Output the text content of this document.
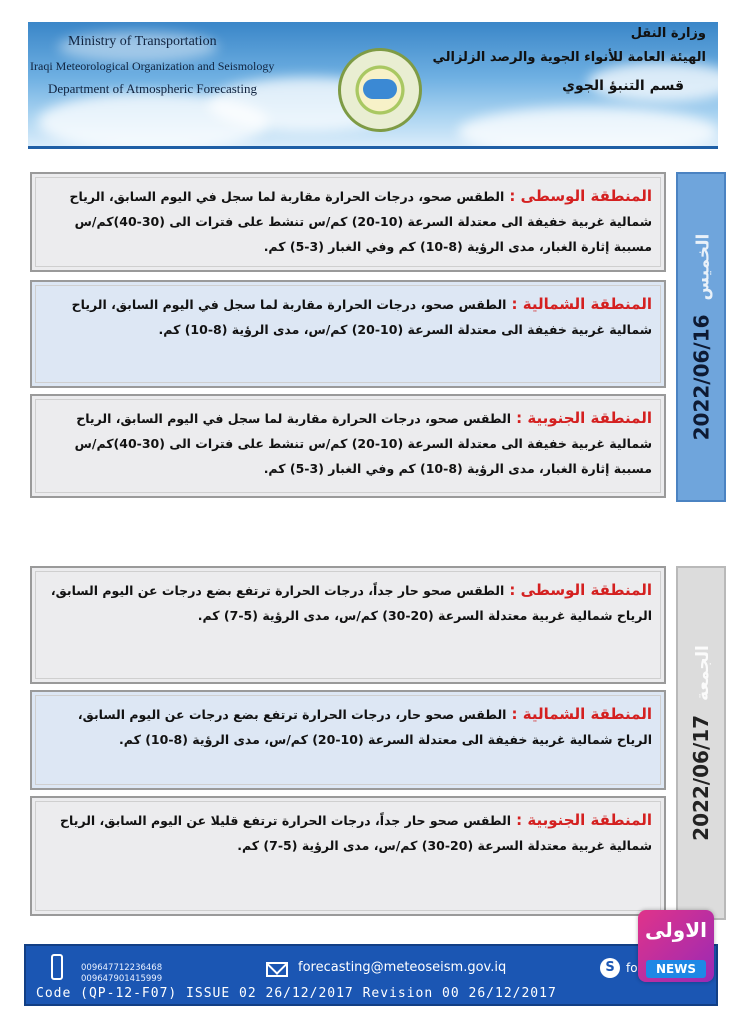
Ministry of Transportation
Iraqi Meteorological Organization and Seismology
Department of Atmospheric Forecasting
وزارة النقل
الهيئة العامة للأنواء الجوية والرصد الزلزالي
قسم التنبؤ الجوي
المنطقة الوسطى : الطقس صحو، درجات الحرارة مقاربة لما سجل في اليوم السابق، الرياح شمالية غربية خفيفة الى معتدلة السرعة (10-20) كم/س تنشط على فترات الى (30-40)كم/س مسببة إثارة الغبار، مدى الرؤية (8-10) كم وفي الغبار (3-5) كم.
المنطقة الشمالية : الطقس صحو، درجات الحرارة مقاربة لما سجل في اليوم السابق، الرياح شمالية غربية خفيفة الى معتدلة السرعة (10-20) كم/س، مدى الرؤية (8-10) كم.
المنطقة الجنوبية : الطقس صحو، درجات الحرارة مقاربة لما سجل في اليوم السابق، الرياح شمالية غربية خفيفة الى معتدلة السرعة (10-20) كم/س تنشط على فترات الى (30-40)كم/س مسببة إثارة الغبار، مدى الرؤية (8-10) كم وفي الغبار (3-5) كم.
2022/06/16
الخميس
المنطقة الوسطى : الطقس صحو حار جداً، درجات الحرارة ترتفع بضع درجات عن اليوم السابق، الرياح شمالية غربية معتدلة السرعة (20-30) كم/س، مدى الرؤية (5-7) كم.
المنطقة الشمالية : الطقس صحو حار، درجات الحرارة ترتفع بضع درجات عن اليوم السابق، الرياح شمالية غربية خفيفة الى معتدلة السرعة (10-20) كم/س، مدى الرؤية (8-10) كم.
المنطقة الجنوبية : الطقس صحو حار جداً، درجات الحرارة ترتفع قليلا عن اليوم السابق، الرياح شمالية غربية معتدلة السرعة (20-30) كم/س، مدى الرؤية (5-7) كم.
2022/06/17
الجمعة
009647712236468
009647901415999
forecasting@meteoseism.gov.iq	S fo
Code (QP-12-F07) ISSUE 02 26/12/2017 Revision 00 26/12/2017
الاولى
NEWS
